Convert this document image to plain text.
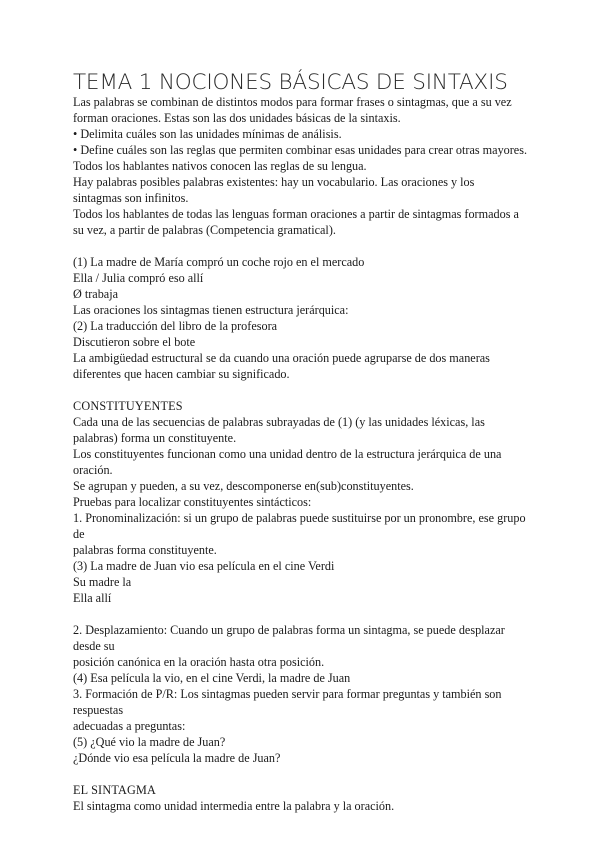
TEMA 1 NOCIONES BÁSICAS DE SINTAXIS

Las palabras se combinan de distintos modos para formar frases o sintagmas, que a su vez

forman oraciones. Estas son las dos unidades básicas de la sintaxis.

• Delimita cuáles son las unidades mínimas de análisis.

• Define cuáles son las reglas que permiten combinar esas unidades para crear otras mayores.

Todos los hablantes nativos conocen las reglas de su lengua.

Hay palabras posibles palabras existentes: hay un vocabulario. Las oraciones y los

sintagmas son infinitos.

Todos los hablantes de todas las lenguas forman oraciones a partir de sintagmas formados a

su vez, a partir de palabras (Competencia gramatical).

(1) La madre de María compró un coche rojo en el mercado

Ella / Julia compró eso allí

Ø trabaja

Las oraciones los sintagmas tienen estructura jerárquica:

(2) La traducción del libro de la profesora

Discutieron sobre el bote

La ambigüedad estructural se da cuando una oración puede agruparse de dos maneras

diferentes que hacen cambiar su significado.

CONSTITUYENTES

Cada una de las secuencias de palabras subrayadas de (1) (y las unidades léxicas, las

palabras) forma un constituyente.

Los constituyentes funcionan como una unidad dentro de la estructura jerárquica de una

oración.

Se agrupan y pueden, a su vez, descomponerse en(sub)constituyentes.

Pruebas para localizar constituyentes sintácticos:

1. Pronominalización: si un grupo de palabras puede sustituirse por un pronombre, ese grupo

de

palabras forma constituyente.

(3) La madre de Juan vio esa película en el cine Verdi

Su madre la

Ella allí

2. Desplazamiento: Cuando un grupo de palabras forma un sintagma, se puede desplazar

desde su

posición canónica en la oración hasta otra posición.

(4) Esa película la vio, en el cine Verdi, la madre de Juan

3. Formación de P/R: Los sintagmas pueden servir para formar preguntas y también son

respuestas

adecuadas a preguntas:

(5) ¿Qué vio la madre de Juan?

¿Dónde vio esa película la madre de Juan?

EL SINTAGMA

El sintagma como unidad intermedia entre la palabra y la oración.
